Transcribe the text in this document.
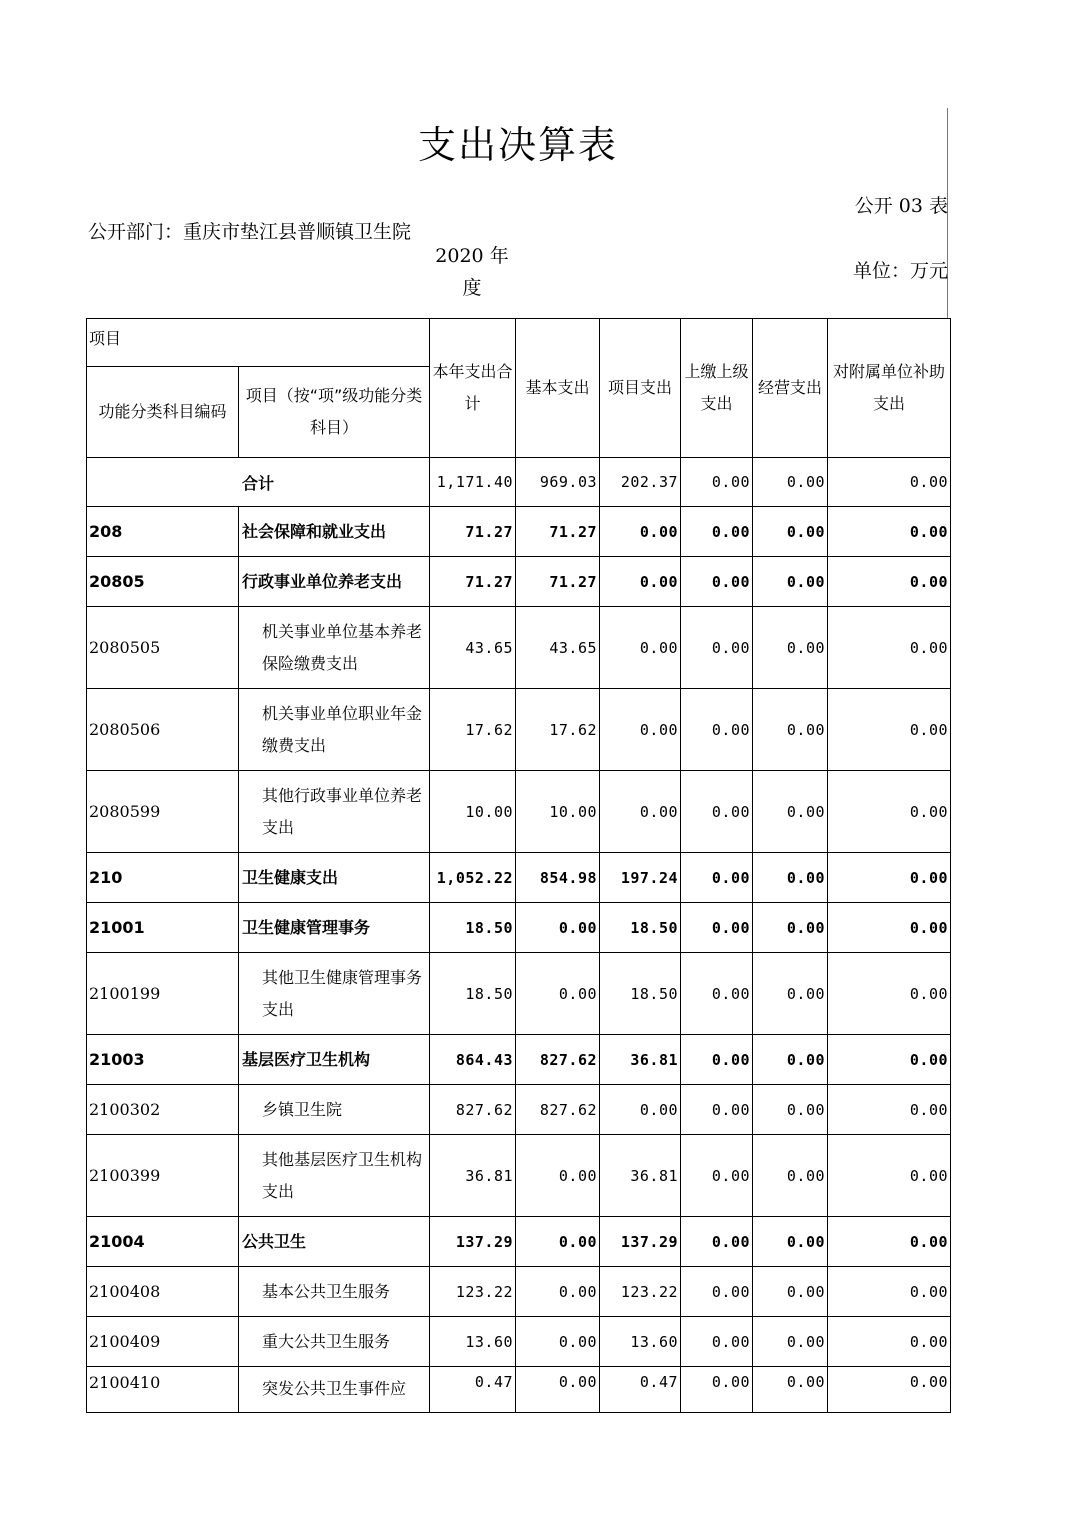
支出决算表
公开 03 表
公开部门：重庆市垫江县普顺镇卫生院
2020 年度
单位：万元
项目		本年支出合计	基本支出	项目支出	上缴上级支出	经营支出	对附属单位补助支出
功能分类科目编码	项目（按“项”级功能分类科目）						
合计		1,171.40	969.03	202.37	0.00	0.00	0.00
208	社会保障和就业支出	71.27	71.27	0.00	0.00	0.00	0.00
20805	行政事业单位养老支出	71.27	71.27	0.00	0.00	0.00	0.00
2080505	机关事业单位基本养老保险缴费支出	43.65	43.65	0.00	0.00	0.00	0.00
2080506	机关事业单位职业年金缴费支出	17.62	17.62	0.00	0.00	0.00	0.00
2080599	其他行政事业单位养老支出	10.00	10.00	0.00	0.00	0.00	0.00
210	卫生健康支出	1,052.22	854.98	197.24	0.00	0.00	0.00
21001	卫生健康管理事务	18.50	0.00	18.50	0.00	0.00	0.00
2100199	其他卫生健康管理事务支出	18.50	0.00	18.50	0.00	0.00	0.00
21003	基层医疗卫生机构	864.43	827.62	36.81	0.00	0.00	0.00
2100302	乡镇卫生院	827.62	827.62	0.00	0.00	0.00	0.00
2100399	其他基层医疗卫生机构支出	36.81	0.00	36.81	0.00	0.00	0.00
21004	公共卫生	137.29	0.00	137.29	0.00	0.00	0.00
2100408	基本公共卫生服务	123.22	0.00	123.22	0.00	0.00	0.00
2100409	重大公共卫生服务	13.60	0.00	13.60	0.00	0.00	0.00
2100410	突发公共卫生事件应	0.47	0.00	0.47	0.00	0.00	0.00
